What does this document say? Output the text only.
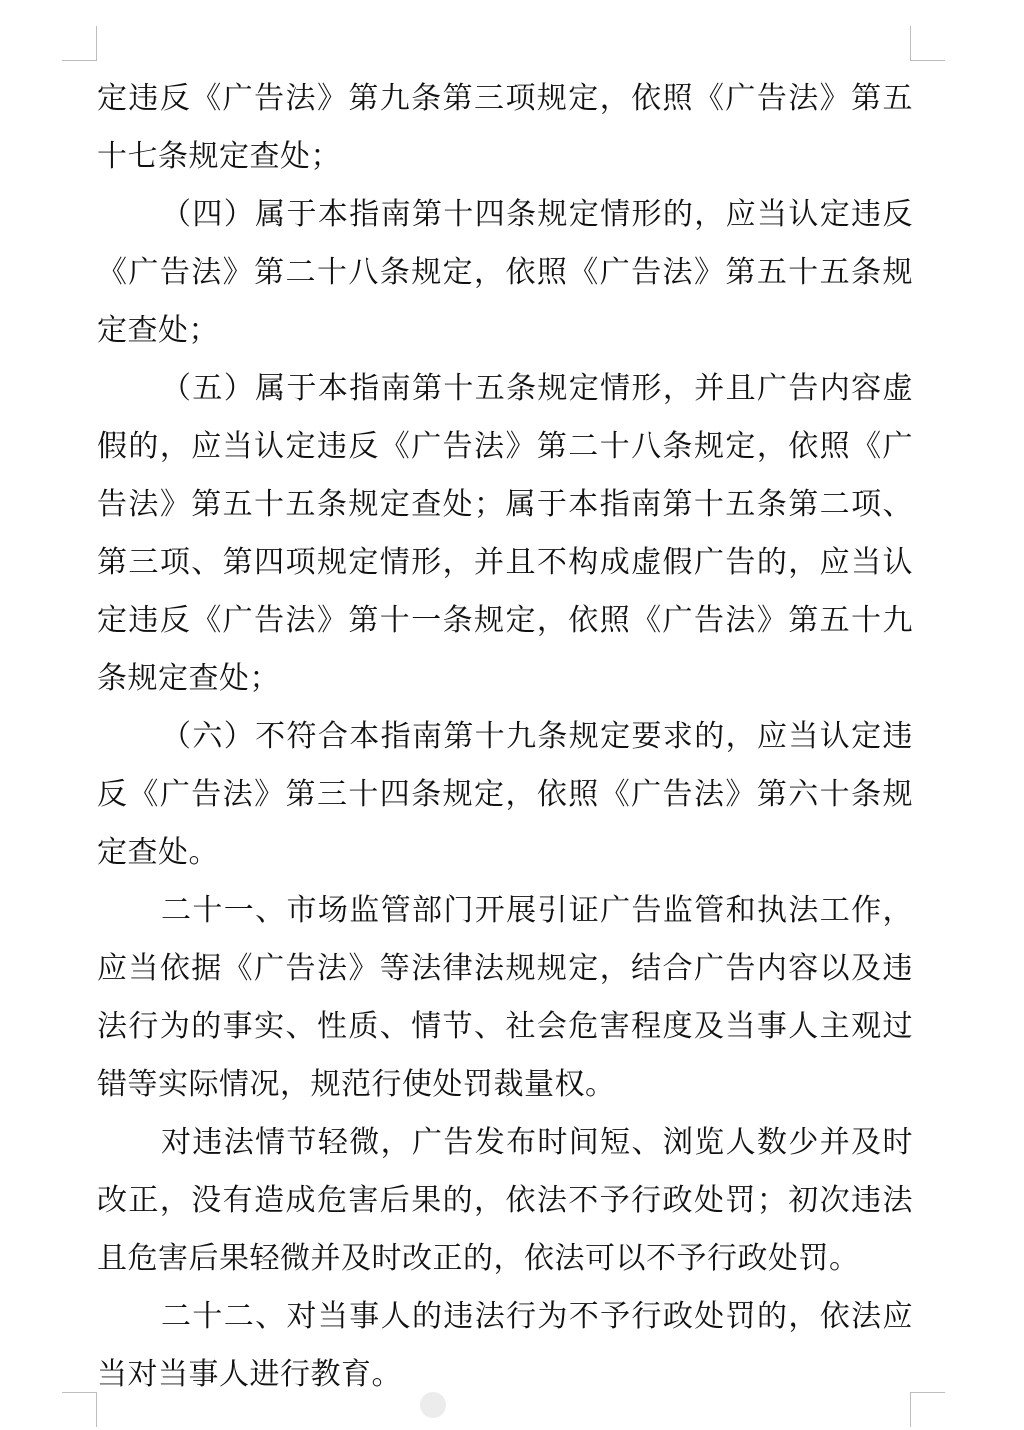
定违反《广告法》第九条第三项规定，依照《广告法》第五
十七条规定查处；
（四）属于本指南第十四条规定情形的，应当认定违反
《广告法》第二十八条规定，依照《广告法》第五十五条规
定查处；
（五）属于本指南第十五条规定情形，并且广告内容虚
假的，应当认定违反《广告法》第二十八条规定，依照《广
告法》第五十五条规定查处；属于本指南第十五条第二项、
第三项、第四项规定情形，并且不构成虚假广告的，应当认
定违反《广告法》第十一条规定，依照《广告法》第五十九
条规定查处；
（六）不符合本指南第十九条规定要求的，应当认定违
反《广告法》第三十四条规定，依照《广告法》第六十条规
定查处。
二十一、市场监管部门开展引证广告监管和执法工作，
应当依据《广告法》等法律法规规定，结合广告内容以及违
法行为的事实、性质、情节、社会危害程度及当事人主观过
错等实际情况，规范行使处罚裁量权。
对违法情节轻微，广告发布时间短、浏览人数少并及时
改正，没有造成危害后果的，依法不予行政处罚；初次违法
且危害后果轻微并及时改正的，依法可以不予行政处罚。
二十二、对当事人的违法行为不予行政处罚的，依法应
当对当事人进行教育。
